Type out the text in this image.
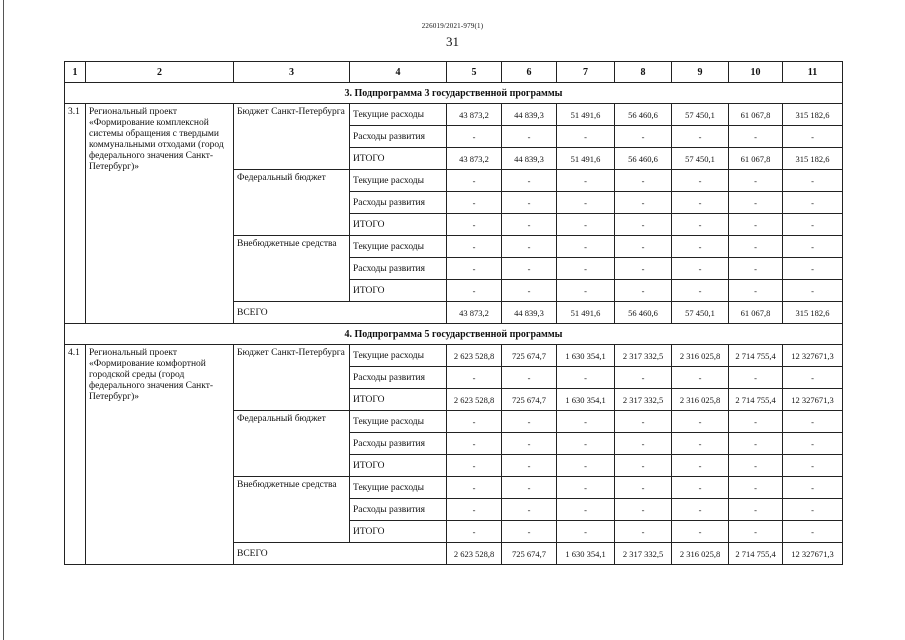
226019/2021-979(1)
31
1	2	3	4	5	6	7	8	9	10	11
3. Подпрограмма 3 государственной программы										
3.1	Региональный проект «Формирование комплексной системы обращения с твердыми коммунальными отходами (город федерального значения Санкт-Петербург)»	Бюджет Санкт-Петербурга	Текущие расходы	43 873,2	44 839,3	51 491,6	56 460,6	57 450,1	61 067,8	315 182,6
			Расходы развития	-	-	-	-	-	-	-
			ИТОГО	43 873,2	44 839,3	51 491,6	56 460,6	57 450,1	61 067,8	315 182,6
		Федеральный бюджет	Текущие расходы	-	-	-	-	-	-	-
			Расходы развития	-	-	-	-	-	-	-
			ИТОГО	-	-	-	-	-	-	-
		Внебюджетные средства	Текущие расходы	-	-	-	-	-	-	-
			Расходы развития	-	-	-	-	-	-	-
			ИТОГО	-	-	-	-	-	-	-
		ВСЕГО		43 873,2	44 839,3	51 491,6	56 460,6	57 450,1	61 067,8	315 182,6
4. Подпрограмма 5 государственной программы										
4.1	Региональный проект «Формирование комфортной городской среды (город федерального значения Санкт-Петербург)»	Бюджет Санкт-Петербурга	Текущие расходы	2 623 528,8	725 674,7	1 630 354,1	2 317 332,5	2 316 025,8	2 714 755,4	12 327671,3
			Расходы развития	-	-	-	-	-	-	-
			ИТОГО	2 623 528,8	725 674,7	1 630 354,1	2 317 332,5	2 316 025,8	2 714 755,4	12 327671,3
		Федеральный бюджет	Текущие расходы	-	-	-	-	-	-	-
			Расходы развития	-	-	-	-	-	-	-
			ИТОГО	-	-	-	-	-	-	-
		Внебюджетные средства	Текущие расходы	-	-	-	-	-	-	-
			Расходы развития	-	-	-	-	-	-	-
			ИТОГО	-	-	-	-	-	-	-
		ВСЕГО		2 623 528,8	725 674,7	1 630 354,1	2 317 332,5	2 316 025,8	2 714 755,4	12 327671,3
